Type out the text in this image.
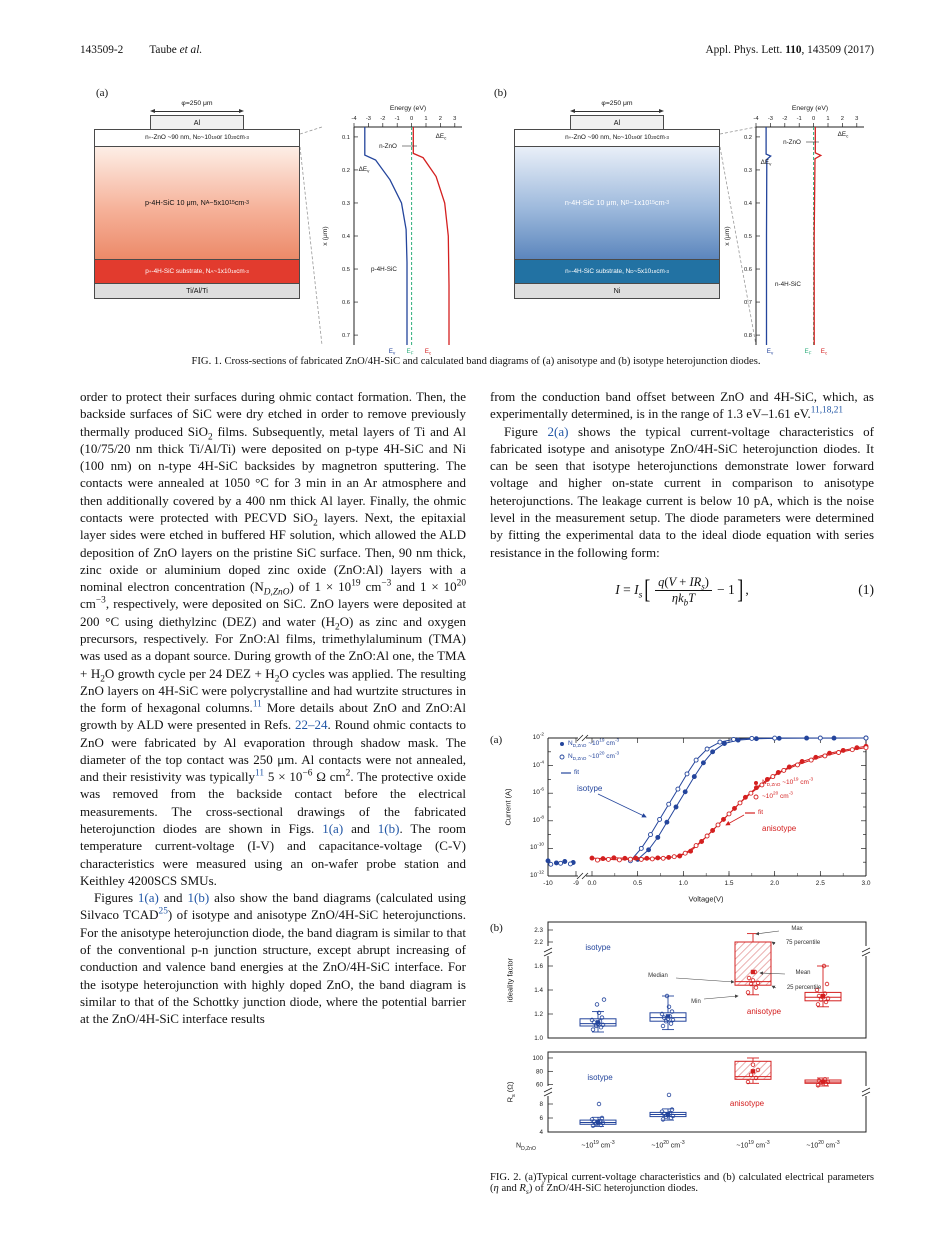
143509-2 Taube et al.	Appl. Phys. Lett. 110, 143509 (2017)
(a)
φ=250 μm
Al
n + -ZnO ~90 nm, N D ~10 19 or 10 20 cm -3
p-4H-SiC 10 μm, N A ~5x10 15 cm -3
p + -4H-SiC substrate, N A ~1x10 18 cm -3
Ti/Al/Ti
-4 -3 -2 -1 0 1 2 3
0.1
0.2
0.3
0.4
0.5
0.6
0.7
Energy (eV)
x (μm)
n-ZnO
$\Delta E_c$
$\Delta E_v$
p-4H-SiC
$E_v$ $E_F$ $E_c$
(b)
φ=250 μm
Al
n + -ZnO ~90 nm, N D ~10 19 or 10 20 cm -3
n-4H-SiC 10 μm, N D ~1x10 15 cm -3
n + -4H-SiC substrate, N D ~5x10 18 cm -3
Ni
-4 -3 -2 -1 0 1 2 3
0.2
0.3
0.4
0.5
0.6
0.7
0.8
Energy (eV)
x (μm)
n-ZnO
$\Delta E_c$
$\Delta E_v$
n-4H-SiC
$E_v$	$E_F$ $E_c$
FIG. 1. Cross-sections of fabricated ZnO/4H-SiC and calculated band diagrams of (a) anisotype and (b) isotype heterojunction diodes.

order to protect their surfaces during ohmic contact formation. Then, the backside surfaces of SiC were dry etched in order to remove previously thermally produced SiO$_2$ films. Subsequently, metal layers of Ti and Al (10/75/20 nm thick Ti/Al/Ti) were deposited on p-type 4H-SiC and Ni (100 nm) on n-type 4H-SiC backsides by magnetron sputtering. The contacts were annealed at 1050 °C for 3 min in an Ar atmosphere and then additionally covered by a 400 nm thick Al layer. Finally, the ohmic contacts were protected with PECVD SiO$_2$ layers. Next, the epitaxial layer sides were etched in buffered HF solution, which allowed the ALD deposition of ZnO layers on the pristine SiC surface. Then, 90 nm thick, zinc oxide or aluminium doped zinc oxide (ZnO:Al) layers with a nominal electron concentration $(N_{D,ZnO})$ of $1 \times 10^{19}$ $cm^{-3}$ and $1 \times 10^{20}$ $cm^{-3}$, respectively, were deposited on SiC. ZnO layers were deposited at 200 °C using diethylzinc (DEZ) and water $(H_2O)$ as zinc and oxygen precursors, respectively. For ZnO:Al films, trimethylaluminum (TMA) was used as a dopant source. During growth of the ZnO:Al one, the TMA + $H_2O$ growth cycle per 24 DEZ + $H_2O$ cycles was applied. The resulting ZnO layers on 4H-SiC were polycrystalline and had wurtzite structures in the form of hexagonal columns.$^{11}$ More details about ZnO and ZnO:Al growth by ALD were presented in Refs. 22–24. Round ohmic contacts to ZnO were fabricated by Al evaporation through shadow mask. The diameter of the top contact was 250 μm. Al contacts were not annealed, and their resistivity was typically$^{11}$ $5 \times 10^{-6}$ Ω $cm^2$. The protective oxide was removed from the backside contact before the electrical measurements. The cross-sectional drawings of the fabricated heterojunction diodes are shown in Figs. 1(a) and 1(b). The room temperature current-voltage (I-V) and capacitance-voltage (C-V) characteristics were measured using an on-wafer probe station and Keithley 4200SCS SMUs.

Figures 1(a) and 1(b) also show the band diagrams (calculated using Silvaco TCAD$^{25}$) of isotype and anisotype ZnO/4H-SiC heterojunctions. For the anisotype heterojunction diode, the band diagram is similar to that of the conventional p-n junction structure, except abrupt increasing of conduction and valence band energies at the ZnO/4H-SiC interface. For the isotype heterojunction with highly doped ZnO, the band diagram is similar to that of the Schottky junction diode, where the potential barrier at the ZnO/4H-SiC interface results

from the conduction band offset between ZnO and 4H-SiC, which, as experimentally determined, is in the range of 1.3 eV–1.61 eV.$^{11,18,21}$

Figure 2(a) shows the typical current-voltage characteristics of fabricated isotype and anisotype ZnO/4H-SiC heterojunction diodes. It can be seen that isotype heterojunctions demonstrate lower forward voltage and higher on-state current in comparison to anisotype heterojunctions. The leakage current is below 10 pA, which is the noise level in the measurement setup. The diode parameters were determined by fitting the experimental data to the ideal diode equation with series resistance in the following form:

$I = I_s$ [ $\frac{q(V + IR_s)}{\eta k_bT} - 1$ ] ,	(1)
(a)
-10	-9 0.0	0.5	1.0	1.5	2.0	2.5	3.0
$10^{-2}$
$10^{-4}$
$10^{-6}$
$10^{-8}$
$10^{-10}$
$10^{-12}$
Voltage(V)
Current (A)
$N_{D,ZnO}$ $\sim 10^{19}$ $cm^{-3}$
$N_{D,ZnO}$ $\sim 10^{20}$ $cm^{-3}$
fit
isotype
$N_{D,ZnO}$ $\sim 10^{19}$ $cm^{-3}$
$\sim 10^{20}$ $cm^{-3}$
fit
anisotype
(b)
1.0
1.2
1.4
1.6
2.2
2.3
4
6
8
60
80
100
ideality factor
$R_s$ (Ω)
isotype
anisotype
isotype
anisotype
Max
75 percentile
Mean
25 percentile
Median
Min
$N_{D,ZnO}$	$\sim 10^{19}$ $cm^{-3}$	$\sim 10^{20}$ $cm^{-3}$	$\sim 10^{19}$ $cm^{-3}$	$\sim 10^{20}$ $cm^{-3}$
FIG. 2. (a)Typical current-voltage characteristics and (b) calculated electrical parameters (η and $R_s$) of ZnO/4H-SiC heterojunction diodes.
